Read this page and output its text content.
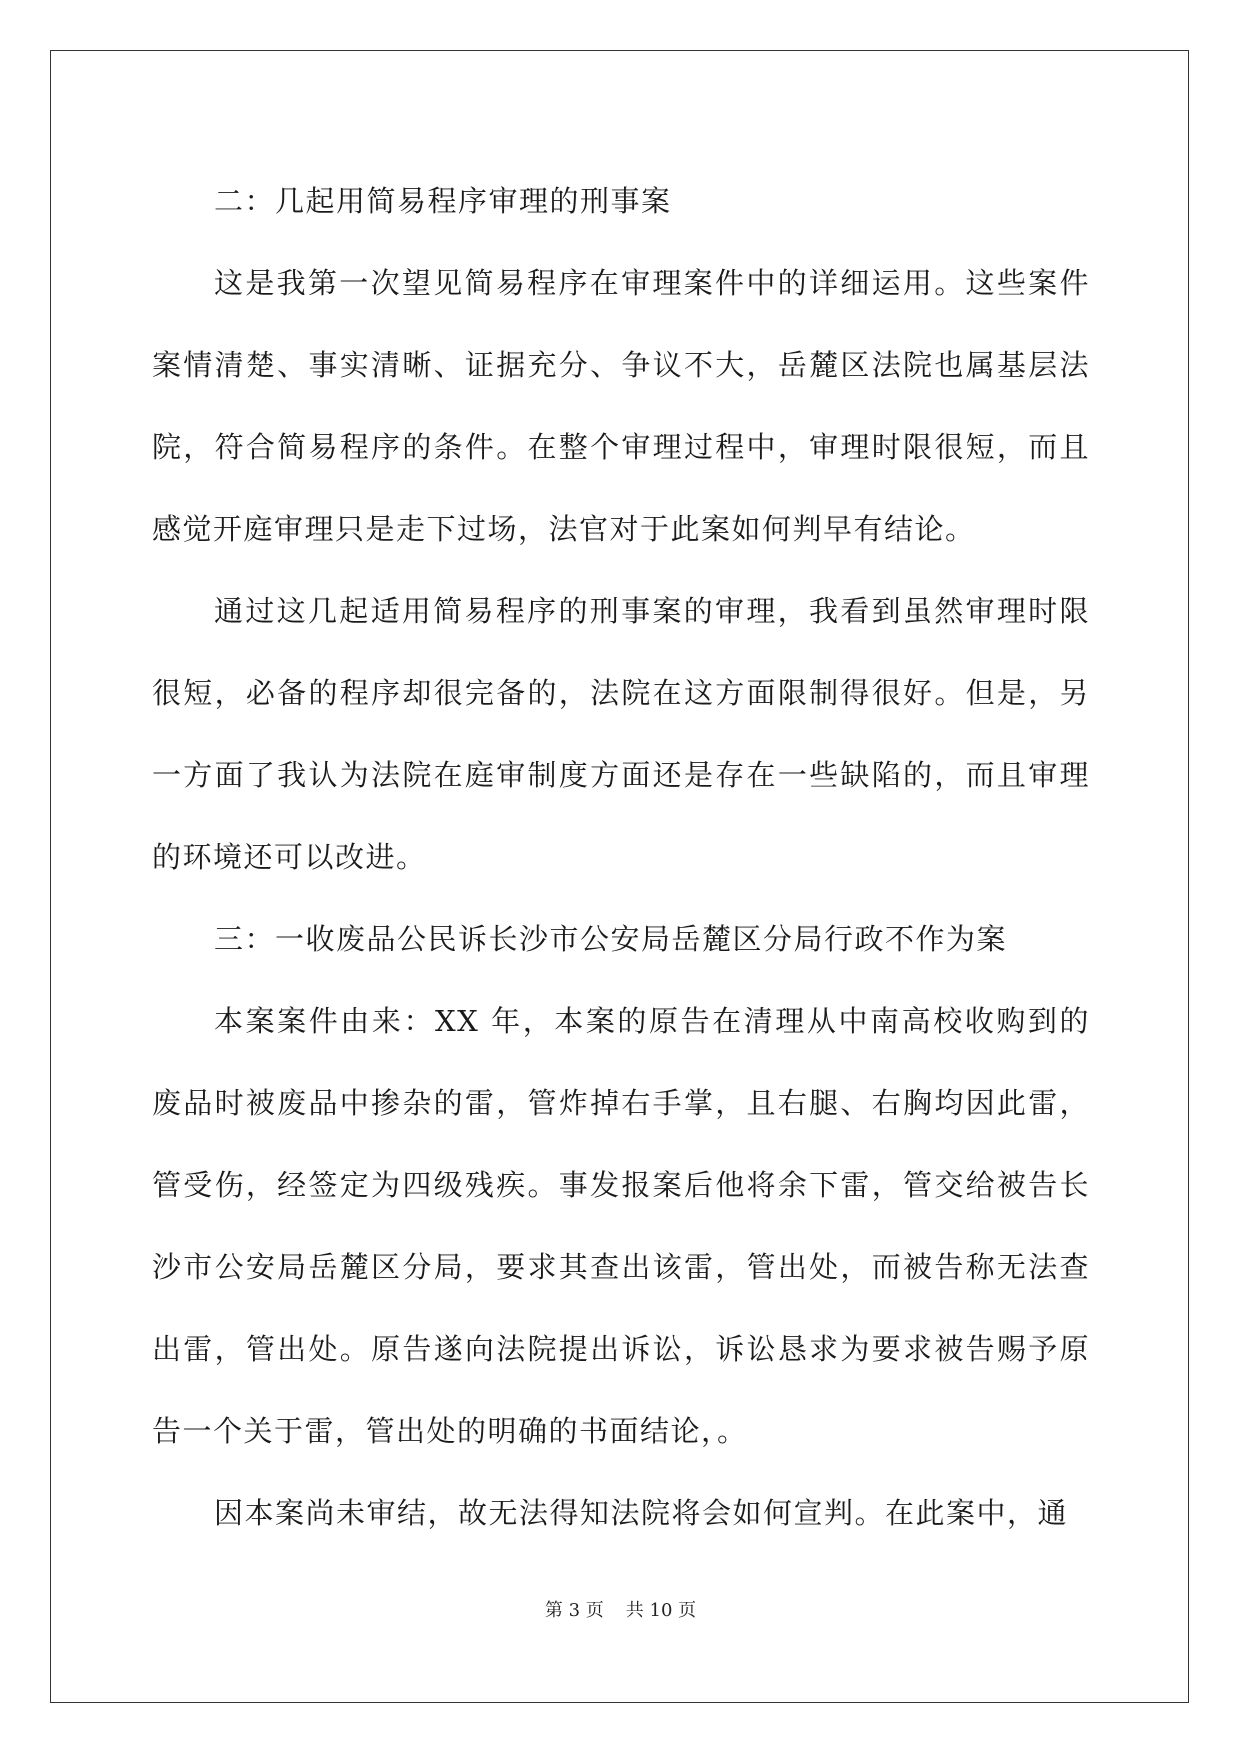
二：几起用简易程序审理的刑事案

这是我第一次望见简易程序在审理案件中的详细运用。这些案件案情清楚、事实清晰、证据充分、争议不大，岳麓区法院也属基层法院，符合简易程序的条件。在整个审理过程中，审理时限很短，而且感觉开庭审理只是走下过场，法官对于此案如何判早有结论。

通过这几起适用简易程序的刑事案的审理，我看到虽然审理时限很短，必备的程序却很完备的，法院在这方面限制得很好。但是，另一方面了我认为法院在庭审制度方面还是存在一些缺陷的，而且审理的环境还可以改进。

三：一收废品公民诉长沙市公安局岳麓区分局行政不作为案

本案案件由来：XX 年，本案的原告在清理从中南高校收购到的废品时被废品中掺杂的雷，管炸掉右手掌，且右腿、右胸均因此雷，管受伤，经签定为四级残疾。事发报案后他将余下雷，管交给被告长沙市公安局岳麓区分局，要求其查出该雷，管出处，而被告称无法查出雷，管出处。原告遂向法院提出诉讼，诉讼恳求为要求被告赐予原告一个关于雷，管出处的明确的书面结论，。

因本案尚未审结，故无法得知法院将会如何宣判。在此案中，通

第 3 页 共 10 页
